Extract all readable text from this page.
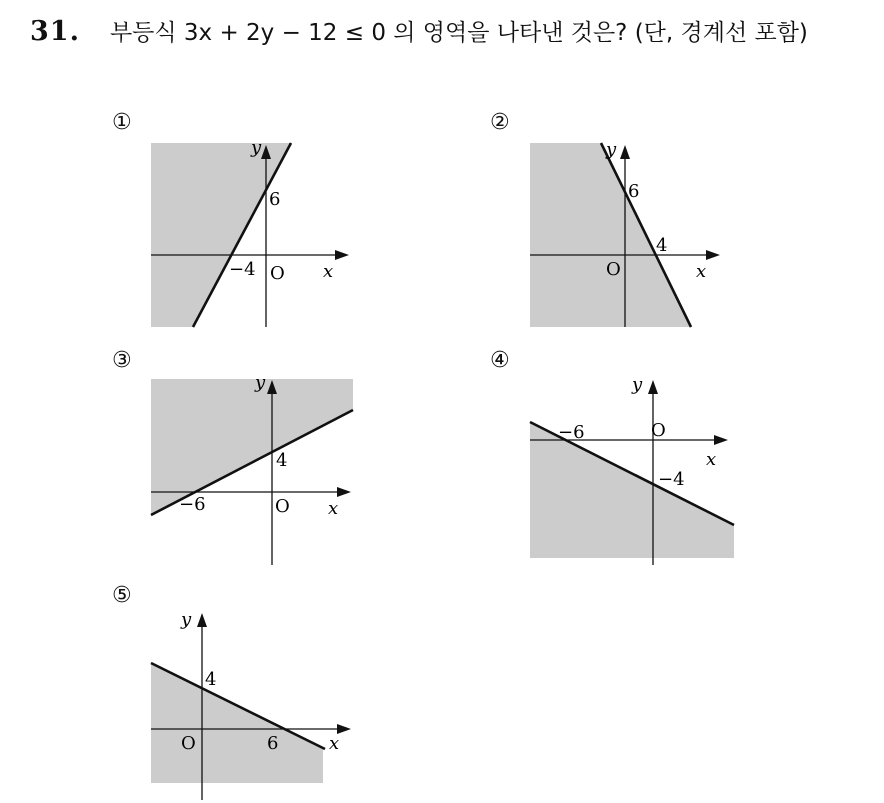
31. 부등식 3x + 2y − 12 ≤ 0 의 영역을 나타낸 것은? (단, 경계선 포함)
①
y
6
−4 O x
②
y
6
4
O	x
③
y
4
−6	O x
④
y
−4
−6	O
x
⑤
y
4
6
O	x
